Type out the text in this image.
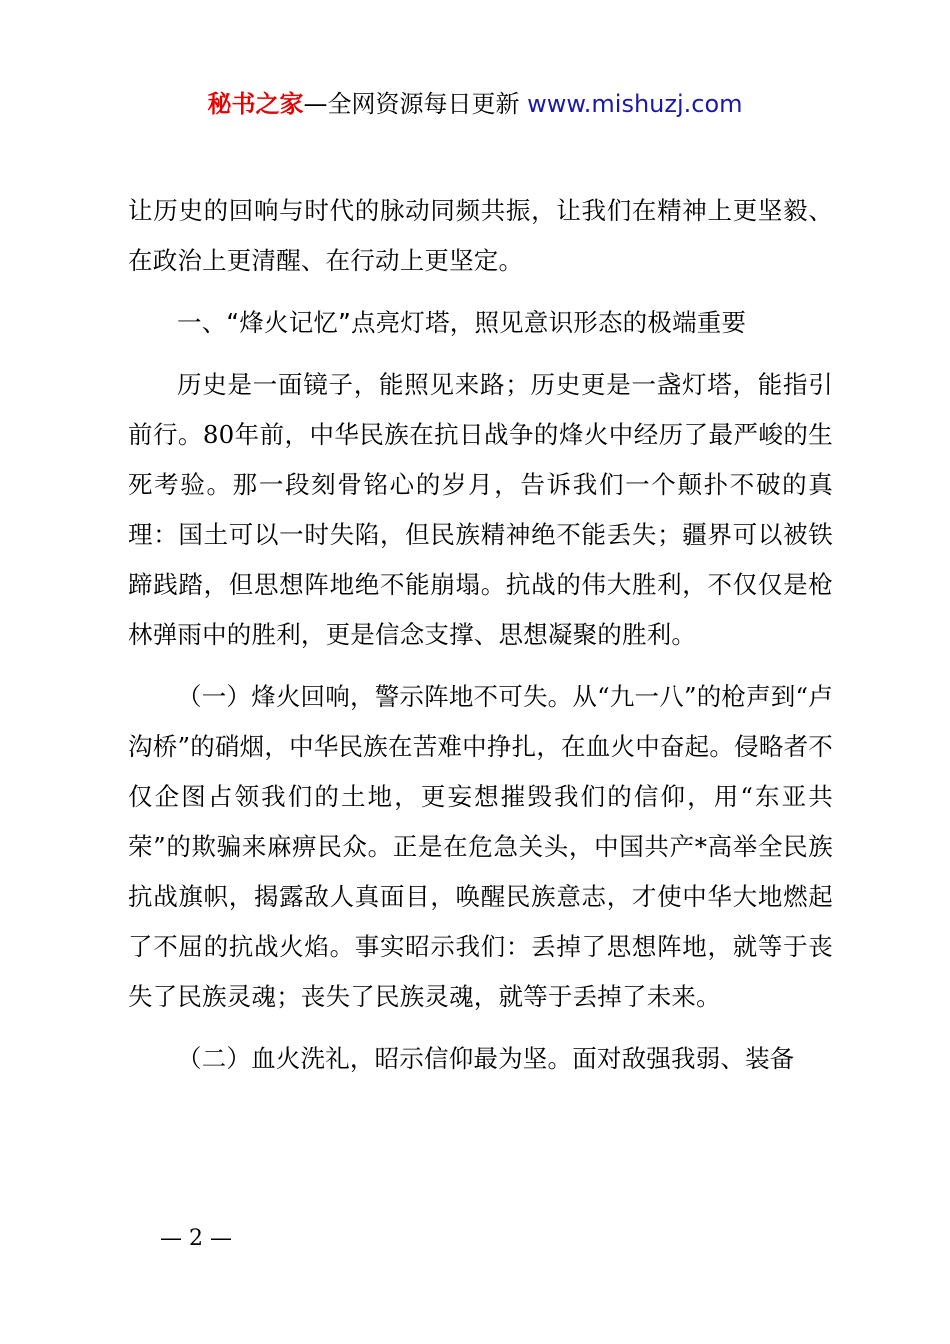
秘书之家—全网资源每日更新 www.mishuzj.com

让历史的回响与时代的脉动同频共振，让我们在精神上更坚毅、在政治上更清醒、在行动上更坚定。

一、“烽火记忆”点亮灯塔，照见意识形态的极端重要

历史是一面镜子，能照见来路；历史更是一盏灯塔，能指引前行。80年前，中华民族在抗日战争的烽火中经历了最严峻的生死考验。那一段刻骨铭心的岁月，告诉我们一个颠扑不破的真理：国土可以一时失陷，但民族精神绝不能丢失；疆界可以被铁蹄践踏，但思想阵地绝不能崩塌。抗战的伟大胜利，不仅仅是枪林弹雨中的胜利，更是信念支撑、思想凝聚的胜利。

（一）烽火回响，警示阵地不可失。从“九一八”的枪声到“卢沟桥”的硝烟，中华民族在苦难中挣扎，在血火中奋起。侵略者不仅企图占领我们的土地，更妄想摧毁我们的信仰，用“东亚共荣”的欺骗来麻痹民众。正是在危急关头，中国共产*高举全民族抗战旗帜，揭露敌人真面目，唤醒民族意志，才使中华大地燃起了不屈的抗战火焰。事实昭示我们：丢掉了思想阵地，就等于丧失了民族灵魂；丧失了民族灵魂，就等于丢掉了未来。

（二）血火洗礼，昭示信仰最为坚。面对敌强我弱、装备

— 2 —
